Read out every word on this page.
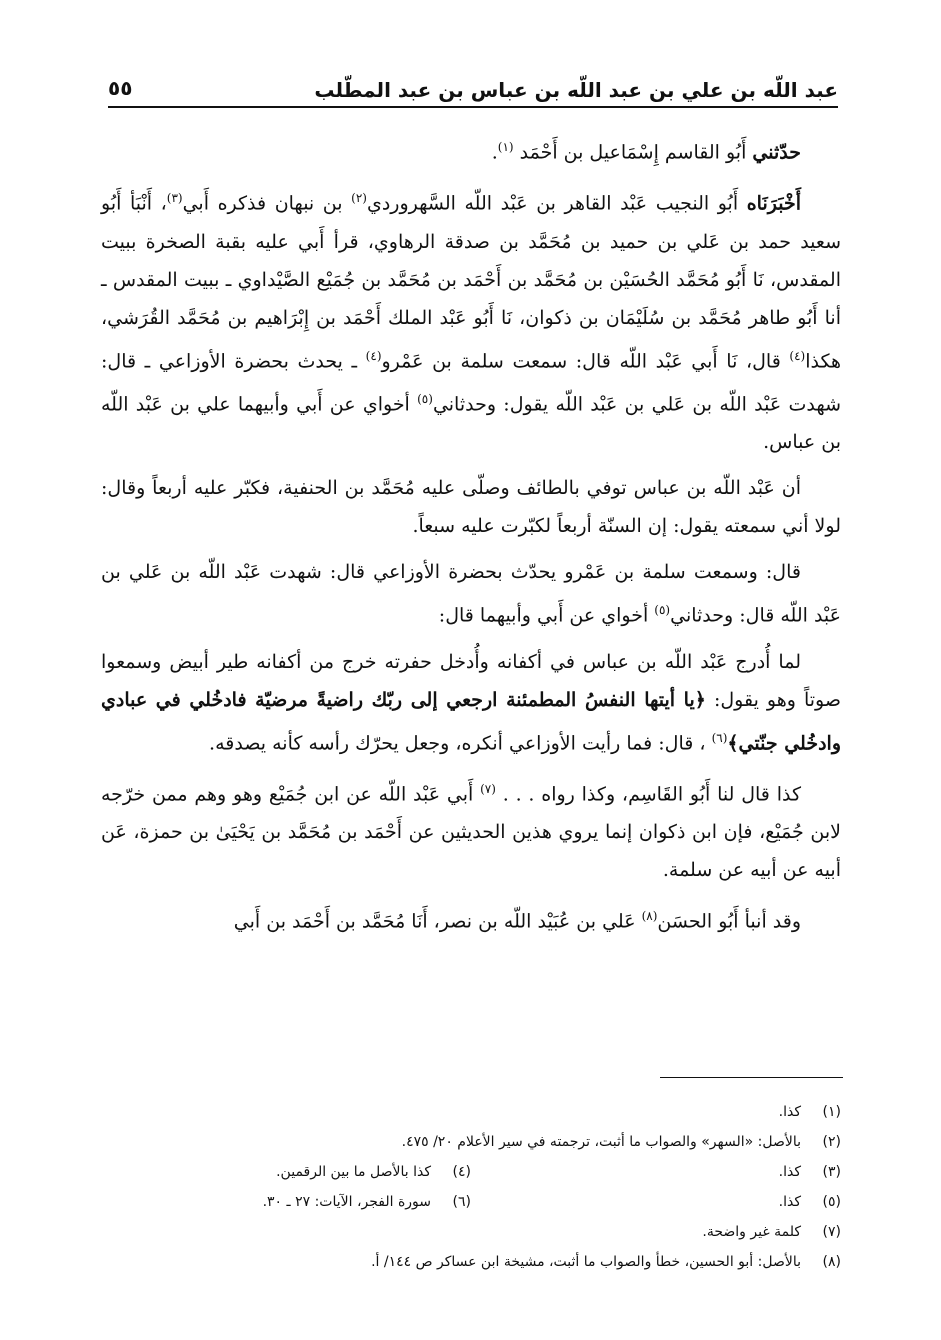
عبد اللّه بن علي بن عبد اللّه بن عباس بن عبد المطّلب
٥٥

حدّثني أَبُو القاسم إِسْمَاعيل بن أَحْمَد $^{(١)}$.

أَخْبَرَنَاه أَبُو النجيب عَبْد القاهر بن عَبْد اللّه السَّهروردي$^{(٢)}$ بن نبهان فذكره أَبي$^{(٣)}$، أَنْبَأ أَبُو سعيد حمد بن عَلي بن حميد بن مُحَمَّد بن صدقة الرهاوي، قرأ أَبي عليه بقبة الصخرة ببيت المقدس، نَا أَبُو مُحَمَّد الحُسَيْن بن مُحَمَّد بن أَحْمَد بن مُحَمَّد بن جُمَيْع الصَّيْداوي ـ ببيت المقدس ـ أنا أَبُو طاهر مُحَمَّد بن سُلَيْمَان بن ذكوان، نَا أَبُو عَبْد الملك أَحْمَد بن إِبْرَاهيم بن مُحَمَّد القُرَشي، هكذا$^{(٤)}$ قال، نَا أَبي عَبْد اللّه قال: سمعت سلمة بن عَمْرو$^{(٤)}$ ـ يحدث بحضرة الأوزاعي ـ قال: شهدت عَبْد اللّه بن عَلي بن عَبْد اللّه يقول: وحدثاني$^{(٥)}$ أخواي عن أَبي وأبيهما علي بن عَبْد اللّه بن عباس.

أن عَبْد اللّه بن عباس توفي بالطائف وصلّى عليه مُحَمَّد بن الحنفية، فكبّر عليه أربعاً وقال: لولا أني سمعته يقول: إن السنّة أربعاً لكبّرت عليه سبعاً.

قال: وسمعت سلمة بن عَمْرو يحدّث بحضرة الأوزاعي قال: شهدت عَبْد اللّه بن عَلي بن عَبْد اللّه قال: وحدثاني$^{(٥)}$ أخواي عن أَبي وأبيهما قال:

لما أُدرج عَبْد اللّه بن عباس في أكفانه وأُدخل حفرته خرج من أكفانه طير أبيض وسمعوا صوتاً وهو يقول: ﴿يا أيتها النفسُ المطمئنة ارجعي إلى ربّك راضيةً مرضيّة فادخُلي في عبادي وادخُلي جنّتي﴾$^{(٦)}$ ، قال: فما رأيت الأوزاعي أنكره، وجعل يحرّك رأسه كأنه يصدقه.

كذا قال لنا أَبُو القَاسِم، وكذا رواه . . . $^{(٧)}$ أَبي عَبْد اللّه عن ابن جُمَيْع وهو وهم ممن خرّجه لابن جُمَيْع، فإن ابن ذكوان إنما يروي هذين الحديثين عن أَحْمَد بن مُحَمَّد بن يَحْيَىٰ بن حمزة، عَن أبيه عن أبيه عن سلمة.

وقد أنبأ أَبُو الحسَن$^{(٨)}$ عَلي بن عُبَيْد اللّه بن نصر، أَنَا مُحَمَّد بن أَحْمَد بن أَبي

(١)
كذا.
(٢)
بالأصل: «السهر» والصواب ما أثبت، ترجمته في سير الأعلام ٢٠/ ٤٧٥.
(٣)
كذا.
(٤)
كذا بالأصل ما بين الرقمين.
(٥)
كذا.
(٦)
سورة الفجر، الآيات: ٢٧ ـ ٣٠.
(٧)
كلمة غير واضحة.
(٨)
بالأصل: أبو الحسين، خطأ والصواب ما أثبت، مشيخة ابن عساكر ص ١٤٤/ أ.
